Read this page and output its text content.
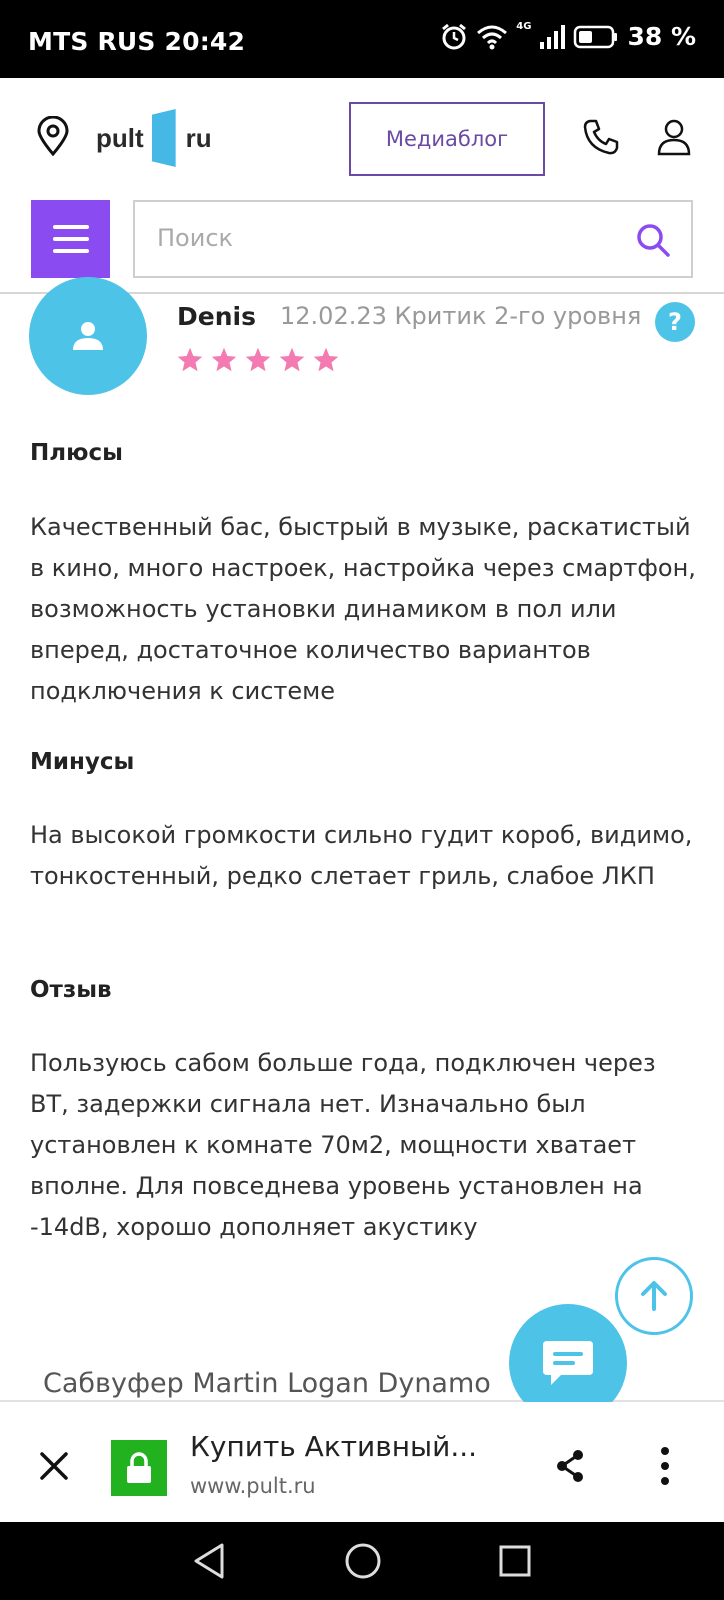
MTS RUS 20:42
4G	38 %
pult ru	Медиаблог
Поиск
Denis 12.02.23 Критик 2-го уровня	?
Плюсы
Качественный бас, быстрый в музыке, раскатистый в кино, много настроек, настройка через смартфон, возможность установки динамиком в пол или вперед, достаточное количество вариантов подключения к системе
Минусы
На высокой громкости сильно гудит короб, видимо, тонкостенный, редко слетает гриль, слабое ЛКП
Отзыв
Пользуюсь сабом больше года, подключен через BT, задержки сигнала нет. Изначально был установлен к комнате 70м2, мощности хватает вполне. Для повседнева уровень установлен на -14dB, хорошо дополняет акустику
Сабвуфер Martin Logan Dynamo
Купить Активный...
www.pult.ru
